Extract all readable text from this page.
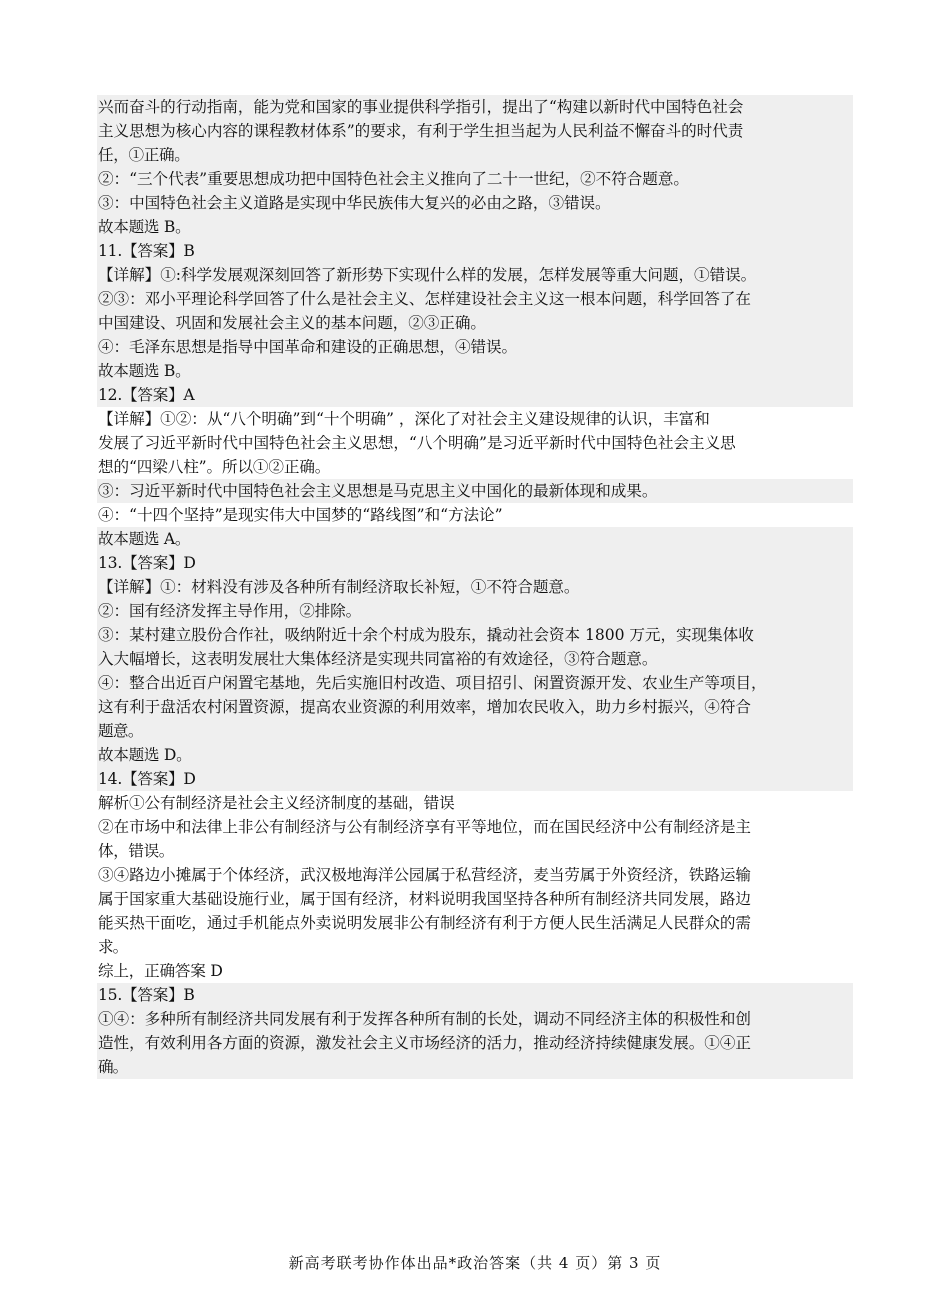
兴而奋斗的行动指南，能为党和国家的事业提供科学指引，提出了“构建以新时代中国特色社会
主义思想为核心内容的课程教材体系”的要求，有利于学生担当起为人民利益不懈奋斗的时代责
任，①正确。
②：“三个代表”重要思想成功把中国特色社会主义推向了二十一世纪，②不符合题意。
③：中国特色社会主义道路是实现中华民族伟大复兴的必由之路，③错误。
故本题选 B。
11.【答案】B
【详解】①:科学发展观深刻回答了新形势下实现什么样的发展，怎样发展等重大问题，①错误。
②③：邓小平理论科学回答了什么是社会主义、怎样建设社会主义这一根本问题，科学回答了在
中国建设、巩固和发展社会主义的基本问题，②③正确。
④：毛泽东思想是指导中国革命和建设的正确思想，④错误。
故本题选 B。
12.【答案】A
【详解】①②：从“八个明确”到“十个明确” ，深化了对社会主义建设规律的认识，丰富和
发展了习近平新时代中国特色社会主义思想，“八个明确”是习近平新时代中国特色社会主义思
想的“四梁八柱”。所以①②正确。
③：习近平新时代中国特色社会主义思想是马克思主义中国化的最新体现和成果。
④：“十四个坚持”是现实伟大中国梦的“路线图”和“方法论”
故本题选 A。
13.【答案】D
【详解】①：材料没有涉及各种所有制经济取长补短，①不符合题意。
②：国有经济发挥主导作用，②排除。
③：某村建立股份合作社，吸纳附近十余个村成为股东，撬动社会资本 1800 万元，实现集体收
入大幅增长，这表明发展壮大集体经济是实现共同富裕的有效途径，③符合题意。
④：整合出近百户闲置宅基地，先后实施旧村改造、项目招引、闲置资源开发、农业生产等项目，
这有利于盘活农村闲置资源，提高农业资源的利用效率，增加农民收入，助力乡村振兴，④符合
题意。
故本题选 D。
14.【答案】D
解析①公有制经济是社会主义经济制度的基础，错误
②在市场中和法律上非公有制经济与公有制经济享有平等地位，而在国民经济中公有制经济是主
体，错误。
③④路边小摊属于个体经济，武汉极地海洋公园属于私营经济，麦当劳属于外资经济，铁路运输
属于国家重大基础设施行业，属于国有经济，材料说明我国坚持各种所有制经济共同发展，路边
能买热干面吃，通过手机能点外卖说明发展非公有制经济有利于方便人民生活满足人民群众的需
求。
综上，正确答案 D
15.【答案】B
①④：多种所有制经济共同发展有利于发挥各种所有制的长处，调动不同经济主体的积极性和创
造性，有效利用各方面的资源，激发社会主义市场经济的活力，推动经济持续健康发展。①④正
确。
新高考联考协作体出品*政治答案（共 4 页）第 3 页
